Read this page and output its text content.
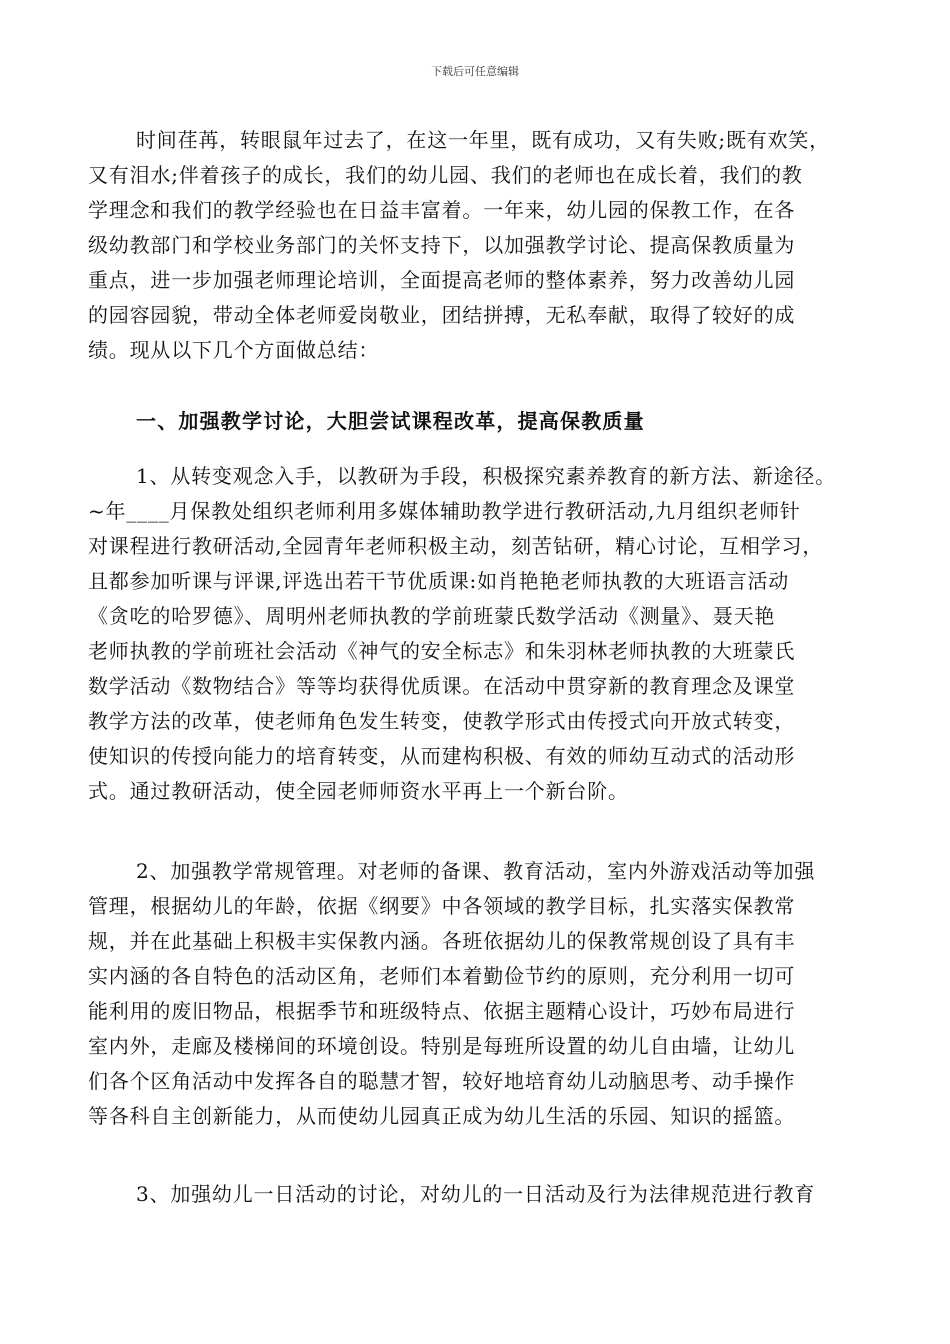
下载后可任意编辑
时间荏苒，转眼鼠年过去了，在这一年里，既有成功，又有失败;既有欢笑，
又有泪水;伴着孩子的成长，我们的幼儿园、我们的老师也在成长着，我们的教
学理念和我们的教学经验也在日益丰富着。一年来，幼儿园的保教工作，在各
级幼教部门和学校业务部门的关怀支持下，以加强教学讨论、提高保教质量为
重点，进一步加强老师理论培训，全面提高老师的整体素养，努力改善幼儿园
的园容园貌，带动全体老师爱岗敬业，团结拼搏，无私奉献，取得了较好的成
绩。现从以下几个方面做总结：
一、加强教学讨论，大胆尝试课程改革，提高保教质量
1、从转变观念入手，以教研为手段，积极探究素养教育的新方法、新途径。
~年____月保教处组织老师利用多媒体辅助教学进行教研活动,九月组织老师针
对课程进行教研活动,全园青年老师积极主动，刻苦钻研，精心讨论，互相学习，
且都参加听课与评课,评选出若干节优质课:如肖艳艳老师执教的大班语言活动
《贪吃的哈罗德》、周明州老师执教的学前班蒙氏数学活动《测量》、聂天艳
老师执教的学前班社会活动《神气的安全标志》和朱羽林老师执教的大班蒙氏
数学活动《数物结合》等等均获得优质课。在活动中贯穿新的教育理念及课堂
教学方法的改革，使老师角色发生转变，使教学形式由传授式向开放式转变，
使知识的传授向能力的培育转变，从而建构积极、有效的师幼互动式的活动形
式。通过教研活动，使全园老师师资水平再上一个新台阶。
2、加强教学常规管理。对老师的备课、教育活动，室内外游戏活动等加强
管理，根据幼儿的年龄，依据《纲要》中各领域的教学目标，扎实落实保教常
规，并在此基础上积极丰实保教内涵。各班依据幼儿的保教常规创设了具有丰
实内涵的各自特色的活动区角，老师们本着勤俭节约的原则，充分利用一切可
能利用的废旧物品，根据季节和班级特点、依据主题精心设计，巧妙布局进行
室内外，走廊及楼梯间的环境创设。特别是每班所设置的幼儿自由墙，让幼儿
们各个区角活动中发挥各自的聪慧才智，较好地培育幼儿动脑思考、动手操作
等各科自主创新能力，从而使幼儿园真正成为幼儿生活的乐园、知识的摇篮。
3、加强幼儿一日活动的讨论，对幼儿的一日活动及行为法律规范进行教育
